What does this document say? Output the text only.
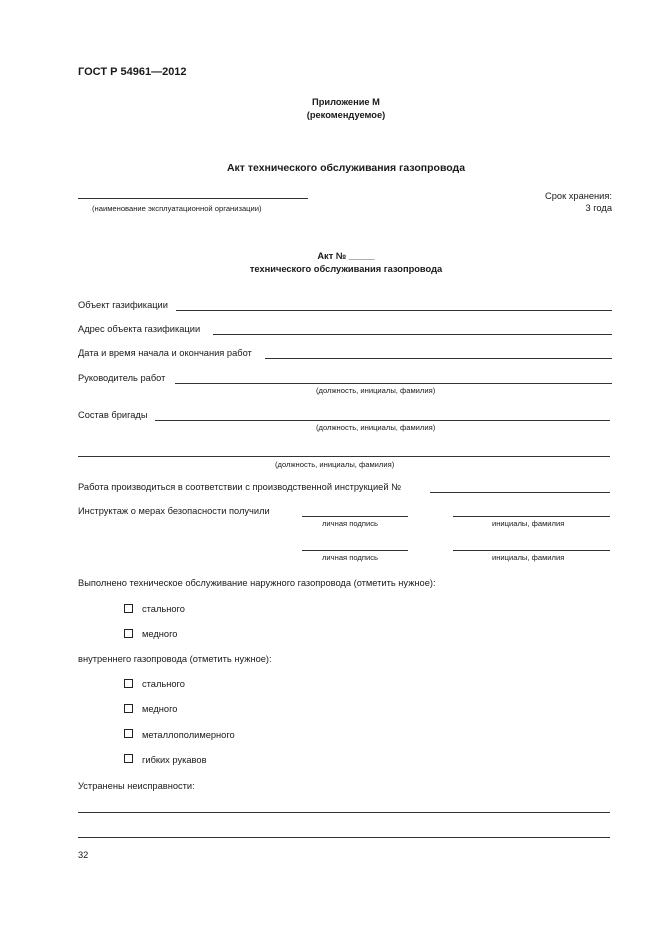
ГОСТ Р 54961—2012
Приложение М
(рекомендуемое)
Акт технического обслуживания газопровода
(наименование эксплуатационной организации)
Срок хранения:
3 года
Акт № _____
технического обслуживания газопровода
Объект газификации
Адрес объекта газификации
Дата и время начала и окончания работ
Руководитель работ
(должность, инициалы, фамилия)
Состав бригады
(должность, инициалы, фамилия)
(должность, инициалы, фамилия)
Работа производиться в соответствии с производственной инструкцией №
Инструктаж о мерах безопасности получили
личная подпись	инициалы, фамилия
личная подпись	инициалы, фамилия
Выполнено техническое обслуживание наружного газопровода (отметить нужное):
стального
медного
внутреннего газопровода (отметить нужное):
стального
медного
металлополимерного
гибких рукавов
Устранены неисправности:
32
